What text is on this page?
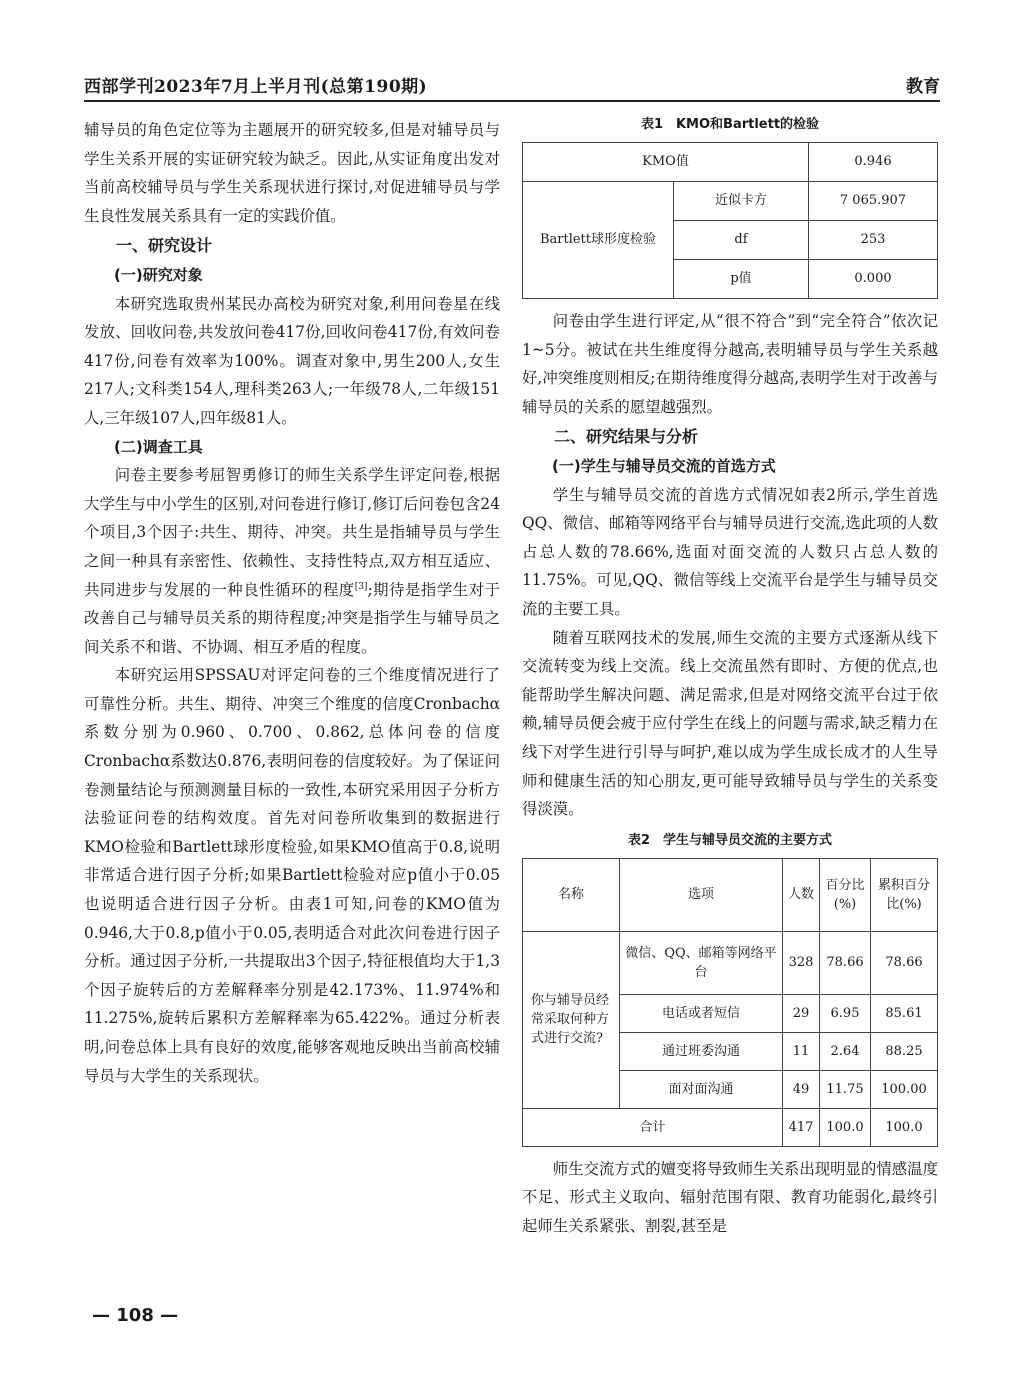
西部学刊2023年7月上半月刊(总第190期)	教育

辅导员的角色定位等为主题展开的研究较多,但是对辅导员与学生关系开展的实证研究较为缺乏。因此,从实证角度出发对当前高校辅导员与学生关系现状进行探讨,对促进辅导员与学生良性发展关系具有一定的实践价值。

一、研究设计
(一)研究对象

本研究选取贵州某民办高校为研究对象,利用问卷星在线发放、回收问卷,共发放问卷417份,回收问卷417份,有效问卷417份,问卷有效率为100%。调查对象中,男生200人,女生217人;文科类154人,理科类263人;一年级78人,二年级151人,三年级107人,四年级81人。

(二)调查工具

问卷主要参考屈智勇修订的师生关系学生评定问卷,根据大学生与中小学生的区别,对问卷进行修订,修订后问卷包含24个项目,3个因子:共生、期待、冲突。共生是指辅导员与学生之间一种具有亲密性、依赖性、支持性特点,双方相互适应、共同进步与发展的一种良性循环的程度[3];期待是指学生对于改善自己与辅导员关系的期待程度;冲突是指学生与辅导员之间关系不和谐、不协调、相互矛盾的程度。

本研究运用SPSSAU对评定问卷的三个维度情况进行了可靠性分析。共生、期待、冲突三个维度的信度Cronbachα系数分别为0.960、0.700、0.862,总体问卷的信度Cronbachα系数达0.876,表明问卷的信度较好。为了保证问卷测量结论与预测测量目标的一致性,本研究采用因子分析方法验证问卷的结构效度。首先对问卷所收集到的数据进行KMO检验和Bartlett球形度检验,如果KMO值高于0.8,说明非常适合进行因子分析;如果Bartlett检验对应p值小于0.05也说明适合进行因子分析。由表1可知,问卷的KMO值为0.946,大于0.8,p值小于0.05,表明适合对此次问卷进行因子分析。通过因子分析,一共提取出3个因子,特征根值均大于1,3个因子旋转后的方差解释率分别是42.173%、11.974%和11.275%,旋转后累积方差解释率为65.422%。通过分析表明,问卷总体上具有良好的效度,能够客观地反映出当前高校辅导员与大学生的关系现状。

表1　KMO和Bartlett的检验
KMO值		0.946
Bartlett球形度检验	近似卡方	7 065.907
	df	253
	p值	0.000

问卷由学生进行评定,从“很不符合”到“完全符合”依次记1~5分。被试在共生维度得分越高,表明辅导员与学生关系越好,冲突维度则相反;在期待维度得分越高,表明学生对于改善与辅导员的关系的愿望越强烈。

二、研究结果与分析
(一)学生与辅导员交流的首选方式

学生与辅导员交流的首选方式情况如表2所示,学生首选QQ、微信、邮箱等网络平台与辅导员进行交流,选此项的人数占总人数的78.66%,选面对面交流的人数只占总人数的11.75%。可见,QQ、微信等线上交流平台是学生与辅导员交流的主要工具。

随着互联网技术的发展,师生交流的主要方式逐渐从线下交流转变为线上交流。线上交流虽然有即时、方便的优点,也能帮助学生解决问题、满足需求,但是对网络交流平台过于依赖,辅导员便会疲于应付学生在线上的问题与需求,缺乏精力在线下对学生进行引导与呵护,难以成为学生成长成才的人生导师和健康生活的知心朋友,更可能导致辅导员与学生的关系变得淡漠。

表2　学生与辅导员交流的主要方式
名称	选项	人数	百分比(%)	累积百分比(%)
你与辅导员经常采取何种方式进行交流?	微信、QQ、邮箱等网络平台	328	78.66	78.66
	电话或者短信	29	6.95	85.61
	通过班委沟通	11	2.64	88.25
	面对面沟通	49	11.75	100.00
合计		417	100.0	100.0

师生交流方式的嬗变将导致师生关系出现明显的情感温度不足、形式主义取向、辐射范围有限、教育功能弱化,最终引起师生关系紧张、割裂,甚至是

— 108 —
